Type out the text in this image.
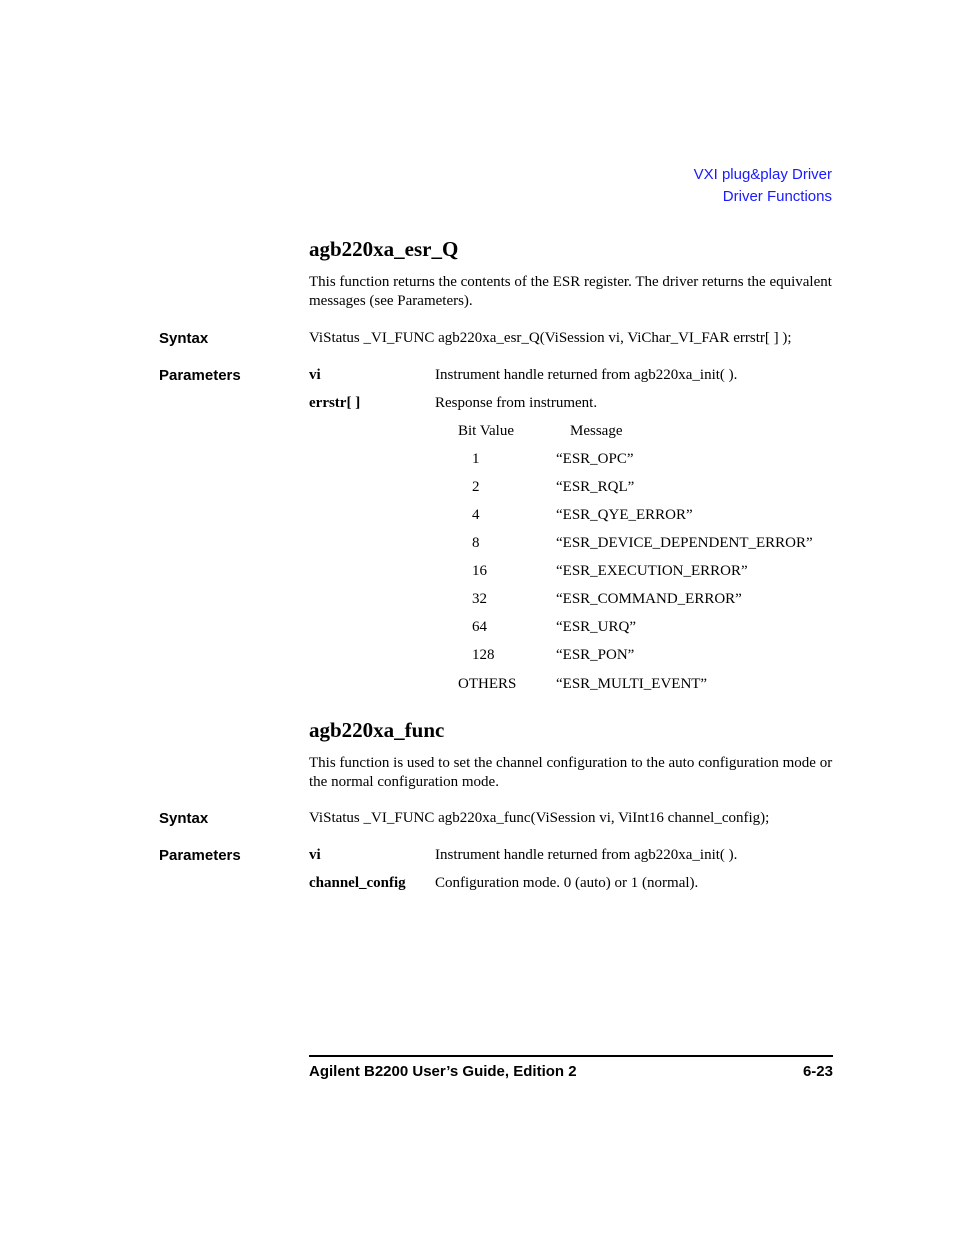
VXI plug&play Driver
Driver Functions
agb220xa_esr_Q
This function returns the contents of the ESR register. The driver returns the equivalent messages (see Parameters).
Syntax	ViStatus _VI_FUNC agb220xa_esr_Q(ViSession vi, ViChar_VI_FAR errstr[ ] );
Parameters	vi	Instrument handle returned from agb220xa_init( ).
errstr[ ]	Response from instrument.
Bit Value	Message
1	“ESR_OPC”
2	“ESR_RQL”
4	“ESR_QYE_ERROR”
8	“ESR_DEVICE_DEPENDENT_ERROR”
16	“ESR_EXECUTION_ERROR”
32	“ESR_COMMAND_ERROR”
64	“ESR_URQ”
128	“ESR_PON”
OTHERS	“ESR_MULTI_EVENT”
agb220xa_func
This function is used to set the channel configuration to the auto configuration mode or the normal configuration mode.
Syntax	ViStatus _VI_FUNC agb220xa_func(ViSession vi, ViInt16 channel_config);
Parameters	vi	Instrument handle returned from agb220xa_init( ).
channel_config Configuration mode. 0 (auto) or 1 (normal).
Agilent B2200 User’s Guide, Edition 2	6-23
